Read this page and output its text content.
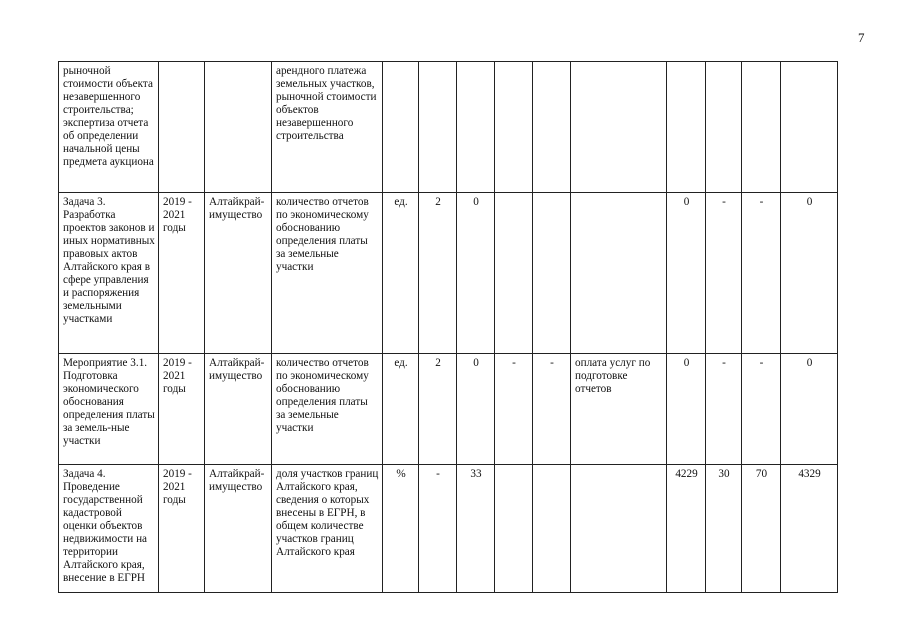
7
рыночной стоимости объекта незавершенного строительства; экспертиза отчета об определении начальной цены предмета аукциона			арендного платежа земельных участков, рыночной стоимости объектов незавершенного строительства										
Задача 3. Разработка проектов законов и иных нормативных правовых актов Алтайского края в сфере управления и распоряжения земельными участками	2019 - 2021 годы	Алтайкрай-имущество	количество отчетов по экономическому обоснованию определения платы за земельные участки	ед.	2	0				0	-	-	0
Мероприятие 3.1. Подготовка экономического обоснования определения платы за земель-ные участки	2019 - 2021 годы	Алтайкрай-имущество	количество отчетов по экономическому обоснованию определения платы за земельные участки	ед.	2	0	-	-	оплата услуг по подготовке отчетов	0	-	-	0
Задача 4. Проведение государственной кадастровой оценки объектов недвижимости на территории Алтайского края, внесение в ЕГРН	2019 - 2021 годы	Алтайкрай-имущество	доля участков границ Алтайского края, сведения о которых внесены в ЕГРН, в общем количестве участков границ Алтайского края	%	-	33				4229	30	70	4329
